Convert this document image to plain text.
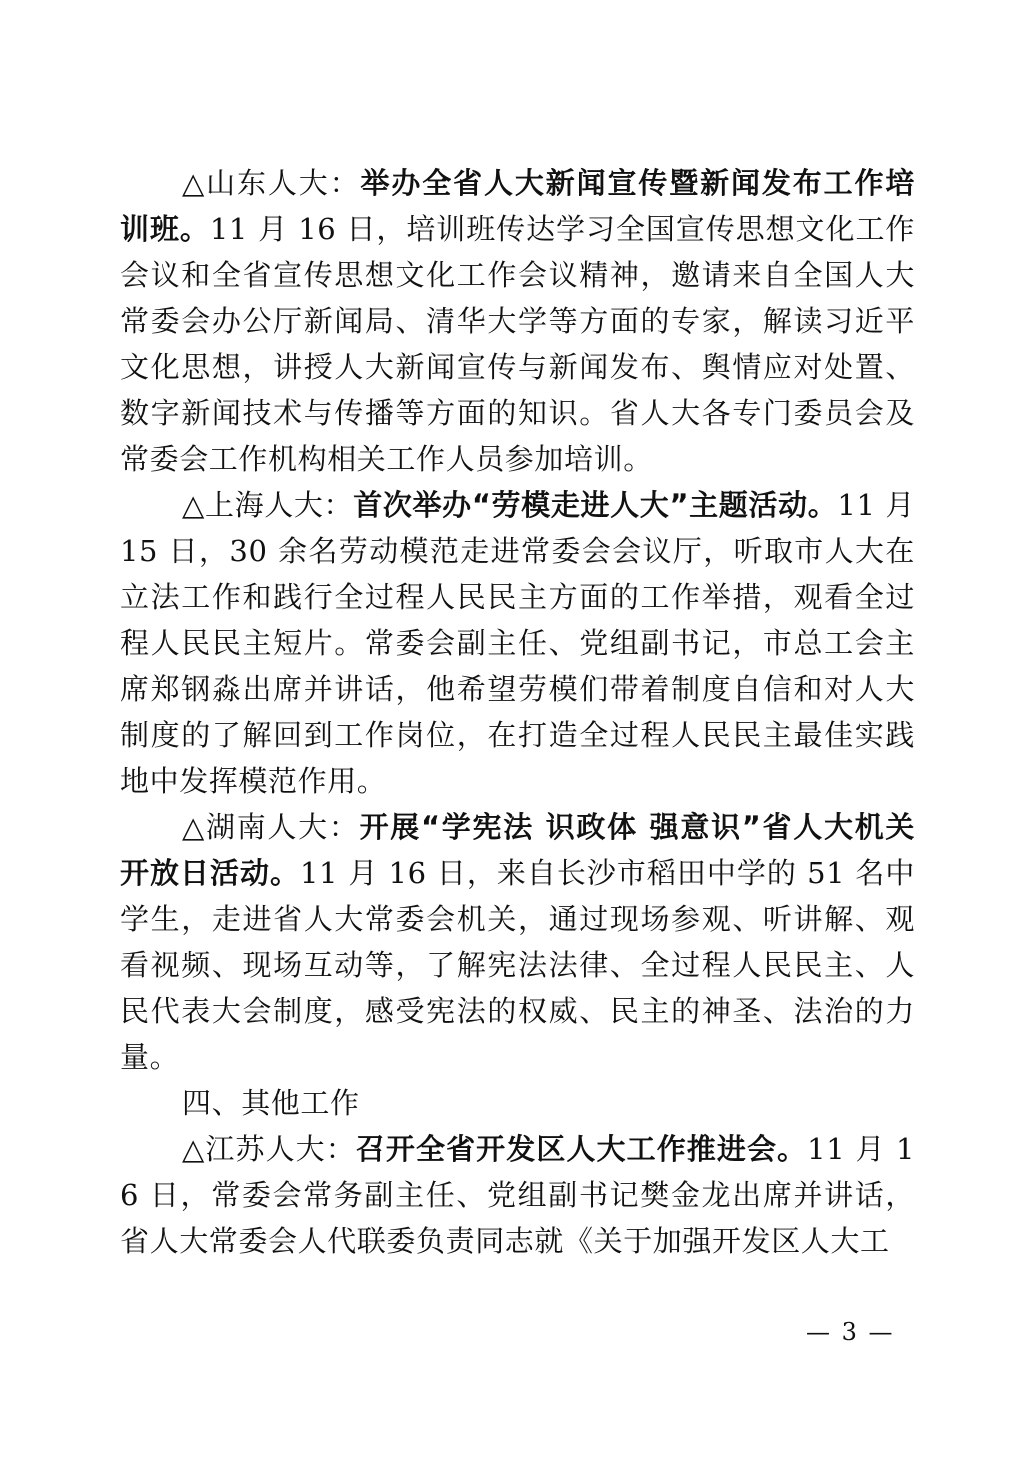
△山东人大：举办全省人大新闻宣传暨新闻发布工作培训班。11 月 16 日，培训班传达学习全国宣传思想文化工作会议和全省宣传思想文化工作会议精神，邀请来自全国人大常委会办公厅新闻局、清华大学等方面的专家，解读习近平文化思想，讲授人大新闻宣传与新闻发布、舆情应对处置、数字新闻技术与传播等方面的知识。省人大各专门委员会及常委会工作机构相关工作人员参加培训。

△上海人大：首次举办“劳模走进人大”主题活动。11 月 15 日，30 余名劳动模范走进常委会会议厅，听取市人大在立法工作和践行全过程人民民主方面的工作举措，观看全过程人民民主短片。常委会副主任、党组副书记，市总工会主席郑钢淼出席并讲话，他希望劳模们带着制度自信和对人大制度的了解回到工作岗位，在打造全过程人民民主最佳实践地中发挥模范作用。

△湖南人大：开展“学宪法 识政体 强意识”省人大机关开放日活动。11 月 16 日，来自长沙市稻田中学的 51 名中学生，走进省人大常委会机关，通过现场参观、听讲解、观看视频、现场互动等，了解宪法法律、全过程人民民主、人民代表大会制度，感受宪法的权威、民主的神圣、法治的力量。

四、其他工作

△江苏人大：召开全省开发区人大工作推进会。11 月 16 日，常委会常务副主任、党组副书记樊金龙出席并讲话，省人大常委会人代联委负责同志就《关于加强开发区人大工

— 3 —
